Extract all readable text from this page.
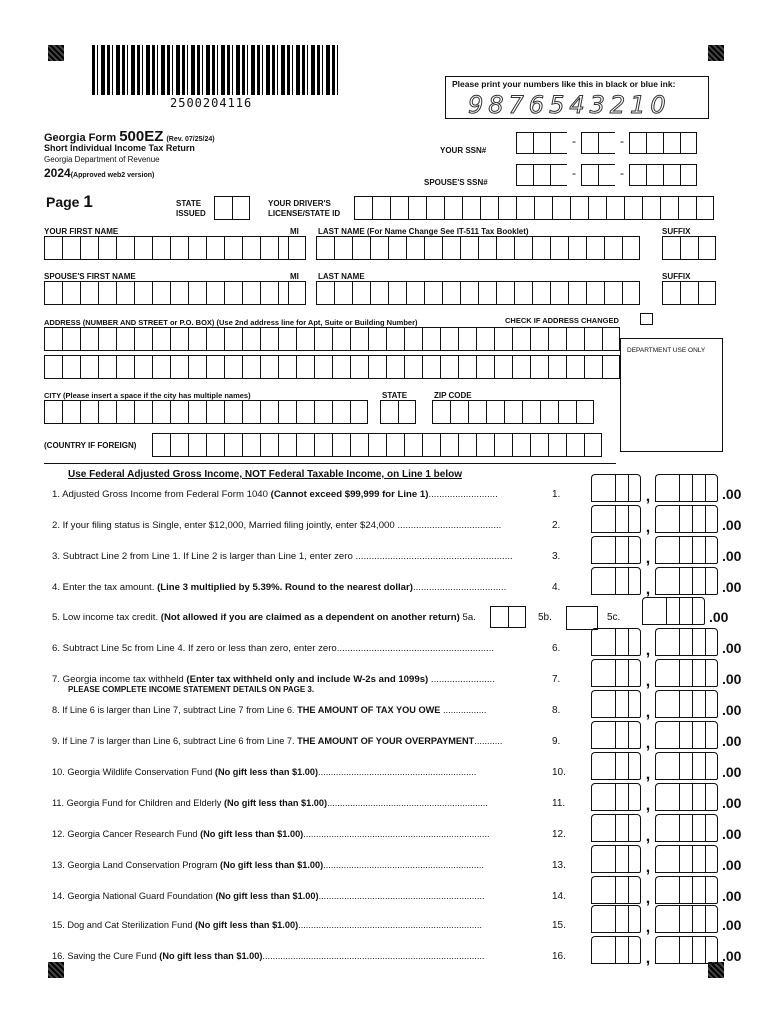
2500204116
Please print your numbers like this in black or blue ink:
9876543210
Georgia Form 500EZ (Rev. 07/25/24)
Short Individual Income Tax Return
Georgia Department of Revenue
2024(Approved web2 version)
Page 1
YOUR SSN#
-	-
SPOUSE'S SSN#
-	-
STATE
ISSUED
YOUR DRIVER'S
LICENSE/STATE ID
YOUR FIRST NAME	MI LAST NAME (For Name Change See IT-511 Tax Booklet)	SUFFIX
SPOUSE'S FIRST NAME	MI LAST NAME	SUFFIX
ADDRESS (NUMBER AND STREET or P.O. BOX) (Use 2nd address line for Apt, Suite or Building Number)	CHECK IF ADDRESS CHANGED
DEPARTMENT USE ONLY
CITY (Please insert a space if the city has multiple names)	STATE	ZIP CODE
(COUNTRY IF FOREIGN)
Use Federal Adjusted Gross Income, NOT Federal Taxable Income, on Line 1 below
1. Adjusted Gross Income from Federal Form 1040 (Cannot exceed $99,999 for Line 1)..........................	1.	,	.00
2. If your filing status is Single, enter $12,000, Married filing jointly, enter $24,000 .......................................	2.	,	.00
3. Subtract Line 2 from Line 1. If Line 2 is larger than Line 1, enter zero ...........................................................	3.	,	.00
4. Enter the tax amount. (Line 3 multiplied by 5.39%. Round to the nearest dollar)...................................	4.	,	.00
5. Low income tax credit. (Not allowed if you are claimed as a dependent on another return) 5a.	5b.	5c.	.00
6. Subtract Line 5c from Line 4. If zero or less than zero, enter zero...........................................................	6.	,	.00
7. Georgia income tax withheld (Enter tax withheld only and include W-2s and 1099s) ........................	7.	,	.00
PLEASE COMPLETE INCOME STATEMENT DETAILS ON PAGE 3.
8. If Line 6 is larger than Line 7, subtract Line 7 from Line 6. THE AMOUNT OF TAX YOU OWE .................	8.	,	.00
9. If Line 7 is larger than Line 6, subtract Line 6 from Line 7. THE AMOUNT OF YOUR OVERPAYMENT...........	9.	,	.00
10. Georgia Wildlife Conservation Fund (No gift less than $1.00)..............................................................	10.	,	.00
11. Georgia Fund for Children and Elderly (No gift less than $1.00)...............................................................	11.	,	.00
12. Georgia Cancer Research Fund (No gift less than $1.00).........................................................................	12.	,	.00
13. Georgia Land Conservation Program (No gift less than $1.00)...............................................................	13.	,	.00
14. Georgia National Guard Foundation (No gift less than $1.00).................................................................	14.	,	.00
15. Dog and Cat Sterilization Fund (No gift less than $1.00)........................................................................	15.	,	.00
16. Saving the Cure Fund (No gift less than $1.00).......................................................................................	16.	,	.00
